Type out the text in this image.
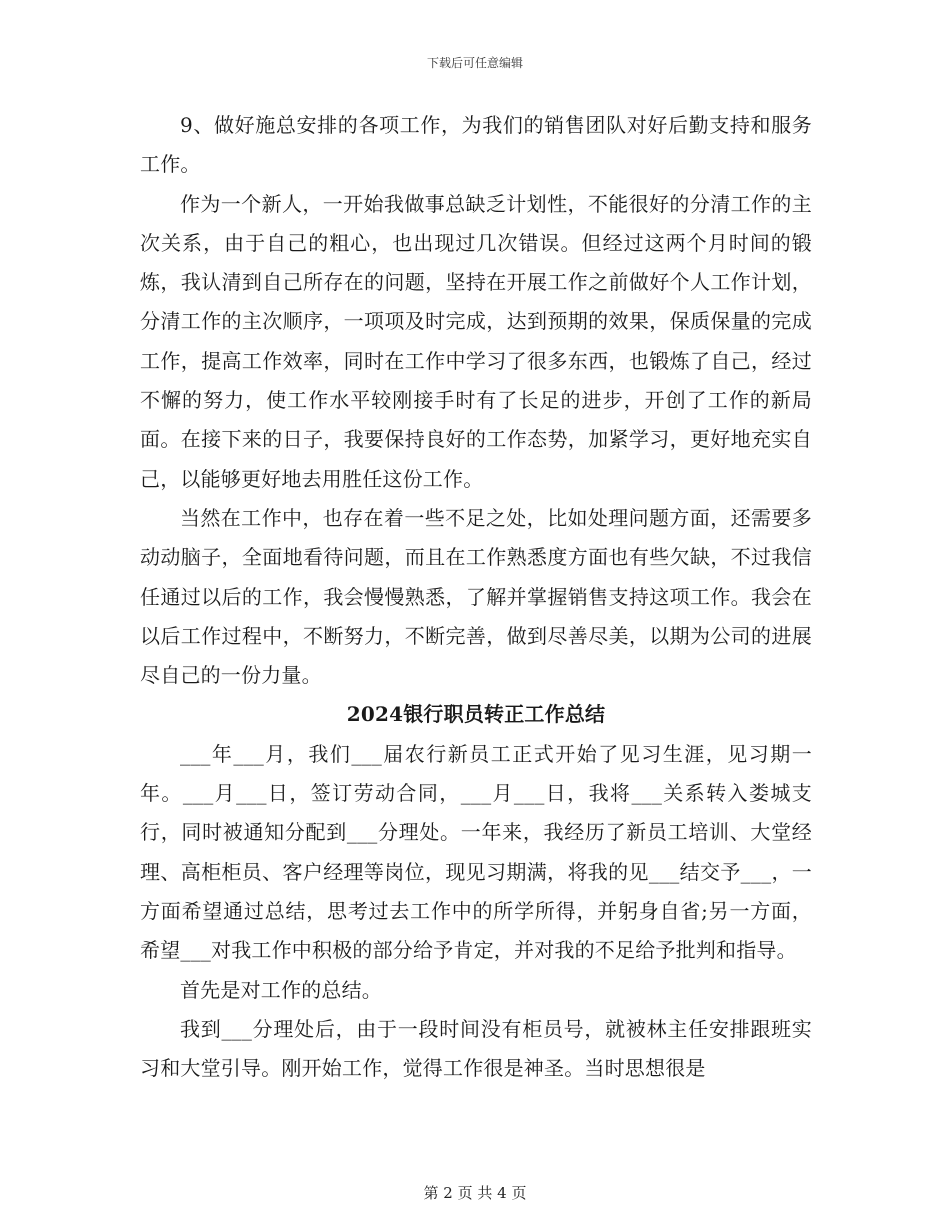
下载后可任意编辑

9、做好施总安排的各项工作，为我们的销售团队对好后勤支持和服务工作。

作为一个新人，一开始我做事总缺乏计划性，不能很好的分清工作的主次关系，由于自己的粗心，也出现过几次错误。但经过这两个月时间的锻炼，我认清到自己所存在的问题，坚持在开展工作之前做好个人工作计划，分清工作的主次顺序，一项项及时完成，达到预期的效果，保质保量的完成工作，提高工作效率，同时在工作中学习了很多东西，也锻炼了自己，经过不懈的努力，使工作水平较刚接手时有了长足的进步，开创了工作的新局面。在接下来的日子，我要保持良好的工作态势，加紧学习，更好地充实自己，以能够更好地去用胜任这份工作。

当然在工作中，也存在着一些不足之处，比如处理问题方面，还需要多动动脑子，全面地看待问题，而且在工作熟悉度方面也有些欠缺，不过我信任通过以后的工作，我会慢慢熟悉，了解并掌握销售支持这项工作。我会在以后工作过程中，不断努力，不断完善，做到尽善尽美，以期为公司的进展尽自己的一份力量。

2024银行职员转正工作总结

___年___月，我们___届农行新员工正式开始了见习生涯，见习期一年。___月___日，签订劳动合同，___月___日，我将___关系转入娄城支行，同时被通知分配到___分理处。一年来，我经历了新员工培训、大堂经理、高柜柜员、客户经理等岗位，现见习期满，将我的见___结交予___，一方面希望通过总结，思考过去工作中的所学所得，并躬身自省;另一方面，希望___对我工作中积极的部分给予肯定，并对我的不足给予批判和指导。

首先是对工作的总结。

我到___分理处后，由于一段时间没有柜员号，就被林主任安排跟班实习和大堂引导。刚开始工作，觉得工作很是神圣。当时思想很是

第 2 页 共 4 页
